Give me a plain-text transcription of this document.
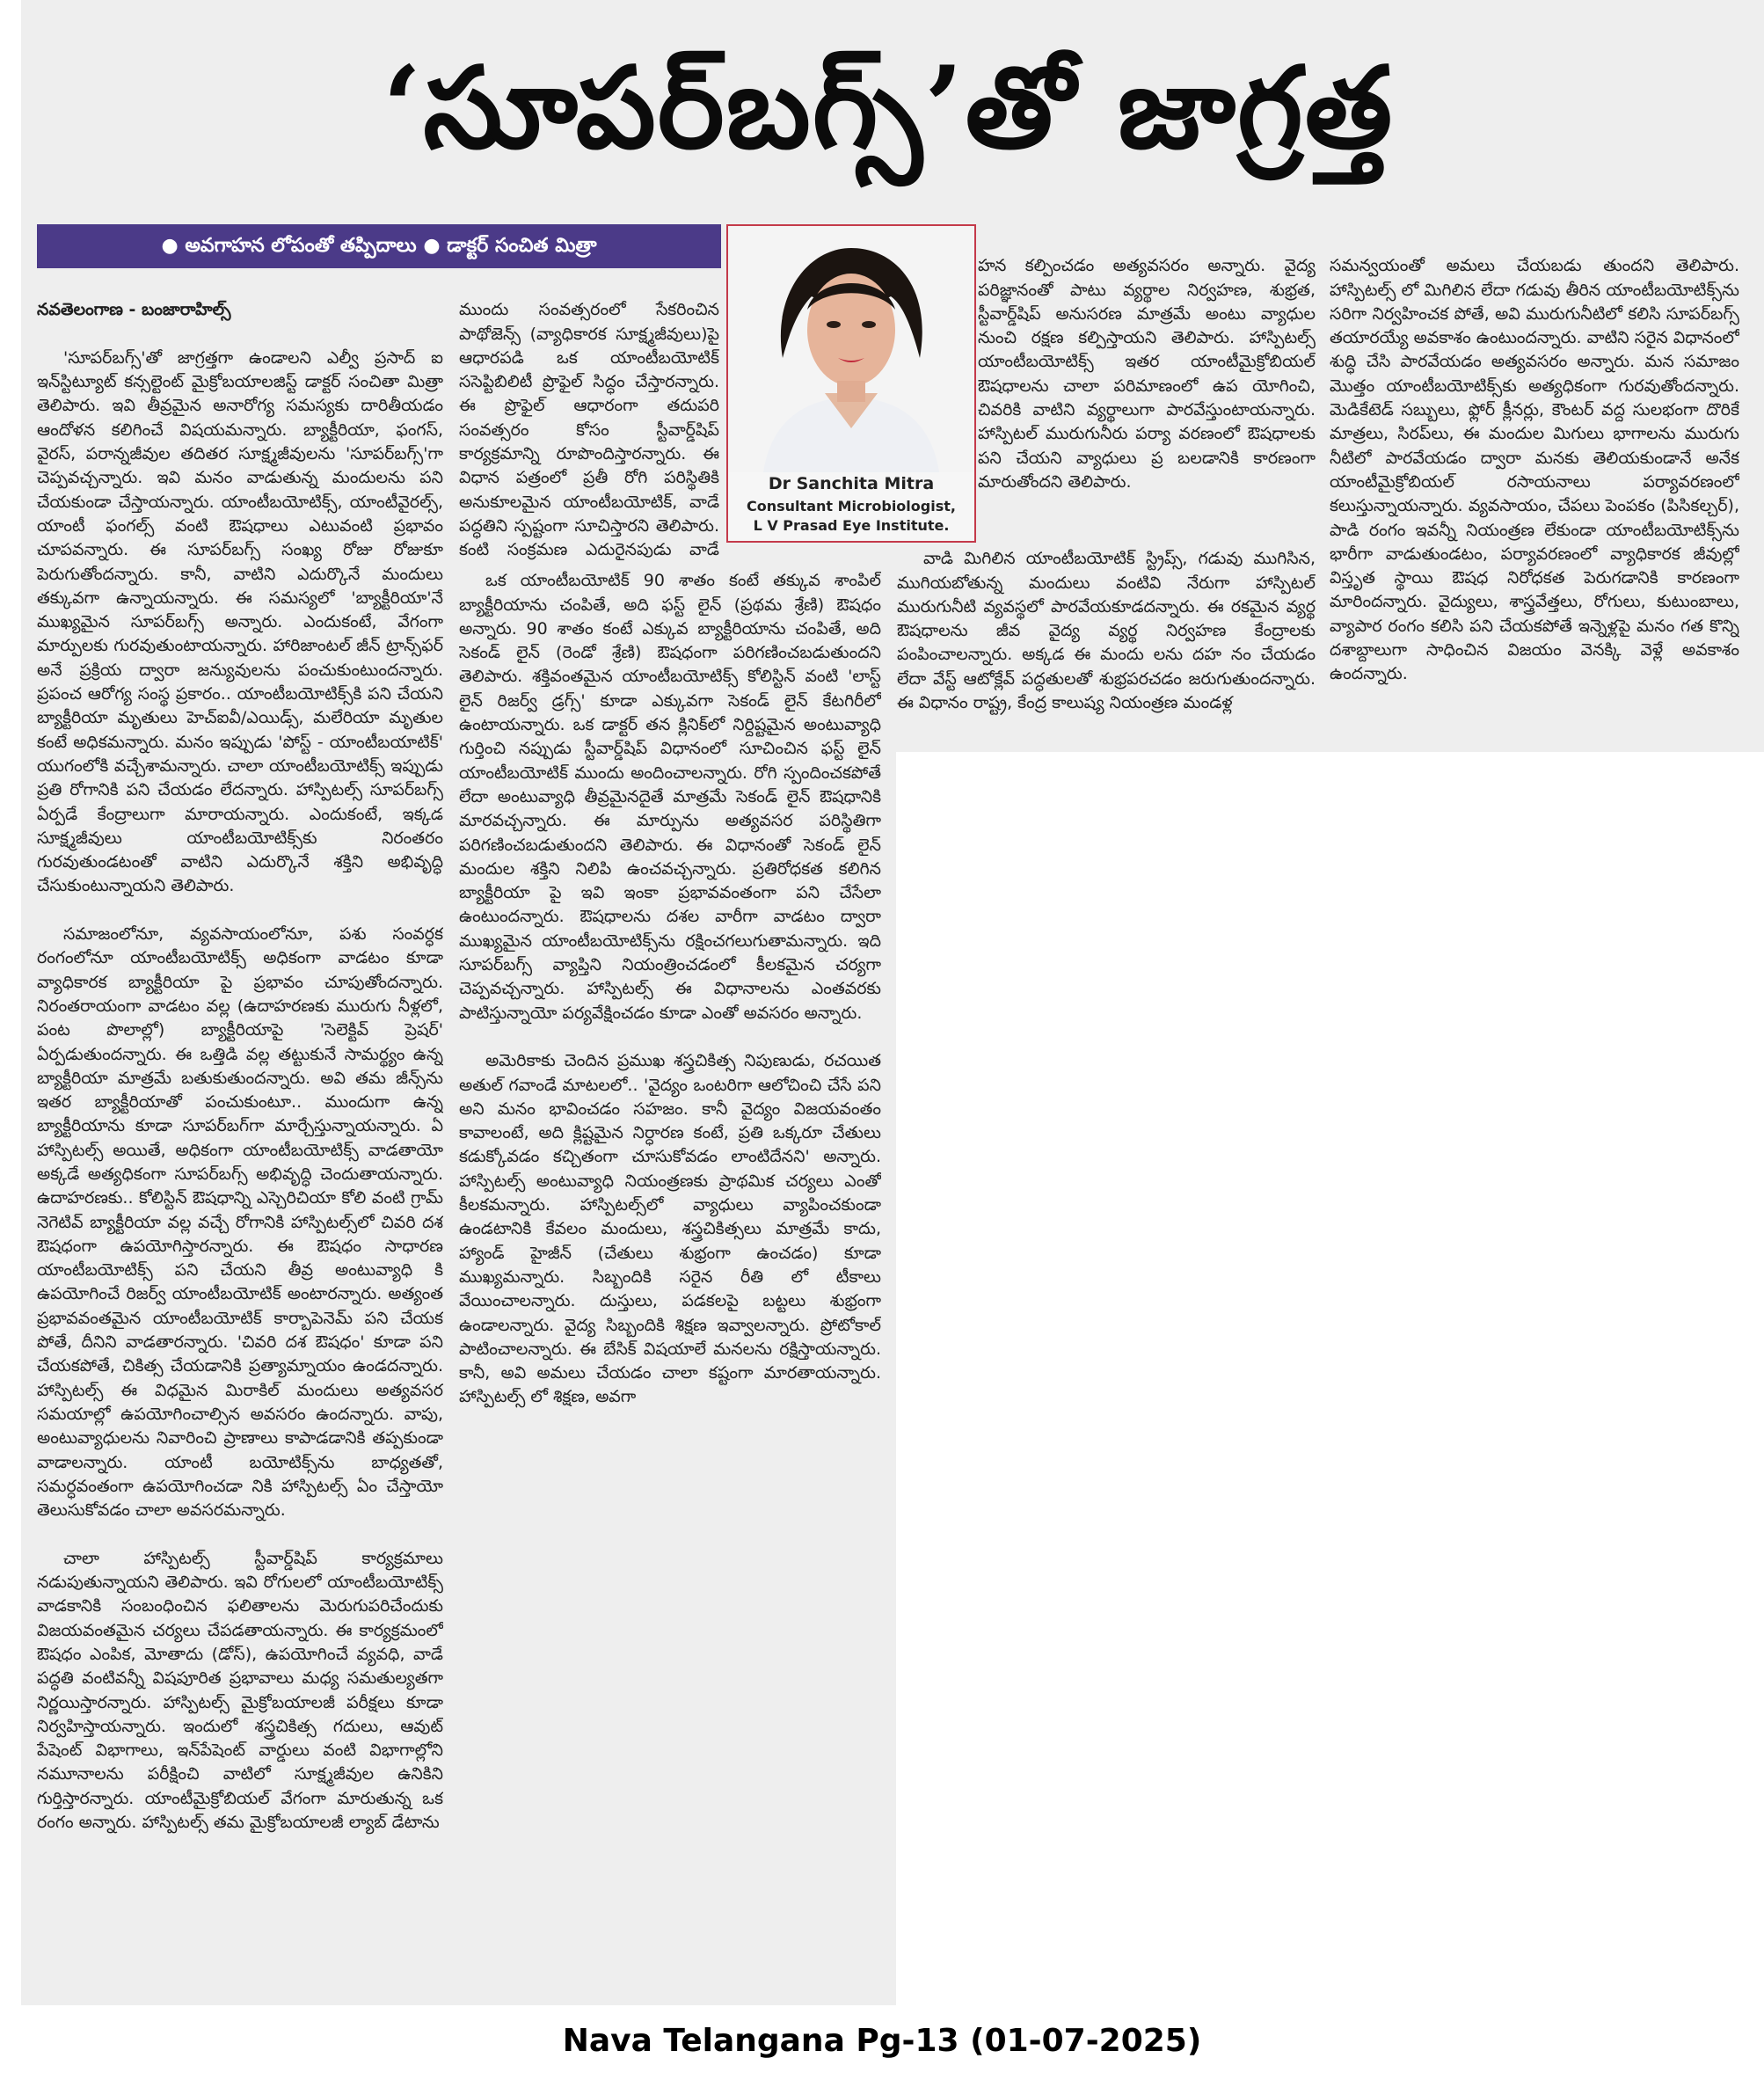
‘సూపర్‌బగ్స్’తో జాగ్రత్త
● అవగాహన లోపంతో తప్పిదాలు ● డాక్టర్ సంచిత మిత్రా
Dr Sanchita Mitra
Consultant Microbiologist,
L V Prasad Eye Institute.

నవతెలంగాణ - బంజారాహిల్స్

'సూపర్‌బగ్స్'తో జాగ్రత్తగా ఉండాలని ఎల్వీ ప్రసాద్ ఐ ఇన్‌స్టిట్యూట్ కన్సల్టెంట్ మైక్రోబయాలజిస్ట్ డాక్టర్ సంచితా మిత్రా తెలిపారు. ఇవి తీవ్రమైన అనారోగ్య సమస్యకు దారితీయడం ఆందోళన కలిగించే విషయమన్నారు. బ్యాక్టీరియా, ఫంగస్, వైరస్, పరాన్నజీవుల తదితర సూక్ష్మజీవులను 'సూపర్‌బగ్స్'గా చెప్పవచ్చన్నారు. ఇవి మనం వాడుతున్న మందులను పని చేయకుండా చేస్తాయన్నారు. యాంటీబయోటిక్స్, యాంటీవైరల్స్, యాంటీ ఫంగల్స్ వంటి ఔషధాలు ఎటువంటి ప్రభావం చూపవన్నారు. ఈ సూపర్‌బగ్స్ సంఖ్య రోజు రోజుకూ పెరుగుతోందన్నారు. కానీ, వాటిని ఎదుర్కొనే మందులు తక్కువగా ఉన్నాయన్నారు. ఈ సమస్యలో 'బ్యాక్టీరియా'నే ముఖ్యమైన సూపర్‌బగ్స్ అన్నారు. ఎందుకంటే, వేగంగా మార్పులకు గురవుతుంటాయన్నారు. హారిజాంటల్ జీన్ ట్రాన్స్‌ఫర్ అనే ప్రక్రియ ద్వారా జన్యువులను పంచుకుంటుందన్నారు. ప్రపంచ ఆరోగ్య సంస్థ ప్రకారం.. యాంటీబయోటిక్స్‌కి పని చేయని బ్యాక్టీరియా మృతులు హెచ్‌ఐవీ/ఎయిడ్స్, మలేరియా మృతుల కంటే అధికమన్నారు. మనం ఇప్పుడు 'పోస్ట్ - యాంటీబయాటిక్' యుగంలోకి వచ్చేశామన్నారు. చాలా యాంటీబయోటిక్స్ ఇప్పుడు ప్రతి రోగానికి పని చేయడం లేదన్నారు. హాస్పిటల్స్ సూపర్‌బగ్స్ ఏర్పడే కేంద్రాలుగా మారాయన్నారు. ఎందుకంటే, ఇక్కడ సూక్ష్మజీవులు యాంటీబయోటిక్స్‌కు నిరంతరం గురవుతుండటంతో వాటిని ఎదుర్కొనే శక్తిని అభివృద్ధి చేసుకుంటున్నాయని తెలిపారు.

సమాజంలోనూ, వ్యవసాయంలోనూ, పశు సంవర్ధక రంగంలోనూ యాంటీబయోటిక్స్ అధికంగా వాడటం కూడా వ్యాధికారక బ్యాక్టీరియా పై ప్రభావం చూపుతోందన్నారు. నిరంతరాయంగా వాడటం వల్ల (ఉదాహరణకు మురుగు నీళ్లలో, పంట పొలాల్లో) బ్యాక్టీరియాపై 'సెలెక్టివ్ ప్రెషర్' ఏర్పడుతుందన్నారు. ఈ ఒత్తిడి వల్ల తట్టుకునే సామర్థ్యం ఉన్న బ్యాక్టీరియా మాత్రమే బతుకుతుందన్నారు. అవి తమ జీన్స్‌ను ఇతర బ్యాక్టీరియాతో పంచుకుంటూ.. ముందుగా ఉన్న బ్యాక్టీరియాను కూడా సూపర్‌బగ్‌గా మార్చేస్తున్నాయన్నారు. ఏ హాస్పిటల్స్ అయితే, అధికంగా యాంటీబయోటిక్స్ వాడతాయో అక్కడే అత్యధికంగా సూపర్‌బగ్స్ అభివృద్ధి చెందుతాయన్నారు. ఉదాహరణకు.. కోలిస్టిన్ ఔషధాన్ని ఎస్చెరిచియా కోలి వంటి గ్రామ్ నెగెటివ్ బ్యాక్టీరియా వల్ల వచ్చే రోగానికి హాస్పిటల్స్‌లో చివరి దశ ఔషధంగా ఉపయోగిస్తారన్నారు. ఈ ఔషధం సాధారణ యాంటీబయోటిక్స్ పని చేయని తీవ్ర అంటువ్యాధి కి ఉపయోగించే రిజర్వ్ యాంటీబయోటిక్ అంటారన్నారు. అత్యంత ప్రభావవంతమైన యాంటీబయోటిక్ కార్బాపెనెమ్ పని చేయక పోతే, దీనిని వాడతారన్నారు. 'చివరి దశ ఔషధం' కూడా పని చేయకపోతే, చికిత్స చేయడానికి ప్రత్యామ్నాయం ఉండదన్నారు. హాస్పిటల్స్ ఈ విధమైన మిరాకిల్ మందులు అత్యవసర సమయాల్లో ఉపయోగించాల్సిన అవసరం ఉందన్నారు. వాపు, అంటువ్యాధులను నివారించి ప్రాణాలు కాపాడడానికి తప్పకుండా వాడాలన్నారు. యాంటీ బయోటిక్స్‌ను బాధ్యతతో, సమర్ధవంతంగా ఉపయోగించడా నికి హాస్పిటల్స్ ఏం చేస్తాయో తెలుసుకోవడం చాలా అవసరమన్నారు.

చాలా హాస్పిటల్స్ స్టీవార్డ్‌షిప్ కార్యక్రమాలు నడుపుతున్నాయని తెలిపారు. ఇవి రోగులలో యాంటీబయోటిక్స్ వాడకానికి సంబంధించిన ఫలితాలను మెరుగుపరిచేందుకు విజయవంతమైన చర్యలు చేపడతాయన్నారు. ఈ కార్యక్రమంలో ఔషధం ఎంపిక, మోతాదు (డోస్), ఉపయోగించే వ్యవధి, వాడే పద్ధతి వంటివన్నీ విషపూరిత ప్రభావాలు మధ్య సమతుల్యతగా నిర్ణయిస్తారన్నారు. హాస్పిటల్స్ మైక్రోబయాలజీ పరీక్షలు కూడా నిర్వహిస్తాయన్నారు. ఇందులో శస్త్రచికిత్స గదులు, ఆవుట్ పేషెంట్ విభాగాలు, ఇన్‌పేషెంట్ వార్డులు వంటి విభాగాల్లోని నమూనాలను పరీక్షించి వాటిలో సూక్ష్మజీవుల ఉనికిని గుర్తిస్తారన్నారు. యాంటీమైక్రోబియల్ వేగంగా మారుతున్న ఒక రంగం అన్నారు. హాస్పిటల్స్ తమ మైక్రోబయాలజీ ల్యాబ్ డేటాను

ముందు సంవత్సరంలో సేకరించిన పాథోజెన్స్ (వ్యాధికారక సూక్ష్మజీవులు)పై ఆధారపడి ఒక యాంటీబయోటిక్ ససెప్టిబిలిటీ ప్రొఫైల్ సిద్ధం చేస్తారన్నారు. ఈ ప్రొఫైల్ ఆధారంగా తదుపరి సంవత్సరం కోసం స్టీవార్డ్‌షిప్ కార్యక్రమాన్ని రూపొందిస్తారన్నారు. ఈ విధాన పత్రంలో ప్రతీ రోగి పరిస్థితికి అనుకూలమైన యాంటీబయోటిక్, వాడే పద్ధతిని స్పష్టంగా సూచిస్తారని తెలిపారు. కంటి సంక్రమణ ఎదురైనపుడు వాడే

ఒక యాంటీబయోటిక్ 90 శాతం కంటే తక్కువ శాంపిల్ బ్యాక్టీరియాను చంపితే, అది ఫస్ట్ లైన్ (ప్రథమ శ్రేణి) ఔషధం అన్నారు. 90 శాతం కంటే ఎక్కువ బ్యాక్టీరియాను చంపితే, అది సెకండ్ లైన్ (రెండో శ్రేణి) ఔషధంగా పరిగణించబడుతుందని తెలిపారు. శక్తివంతమైన యాంటీబయోటిక్స్ కోలిస్టిన్ వంటి 'లాస్ట్ లైన్ రిజర్వ్ డ్రగ్స్' కూడా ఎక్కువగా సెకండ్ లైన్ కేటగిరీలో ఉంటాయన్నారు. ఒక డాక్టర్ తన క్లినిక్‌లో నిర్దిష్టమైన అంటువ్యాధి గుర్తించి నప్పుడు స్టీవార్డ్‌షిప్ విధానంలో సూచించిన ఫస్ట్ లైన్ యాంటీబయోటిక్ ముందు అందించాలన్నారు. రోగి స్పందించకపోతే లేదా అంటువ్యాధి తీవ్రమైనదైతే మాత్రమే సెకండ్ లైన్ ఔషధానికి మారవచ్చన్నారు. ఈ మార్పును అత్యవసర పరిస్థితిగా పరిగణించబడుతుందని తెలిపారు. ఈ విధానంతో సెకండ్ లైన్ మందుల శక్తిని నిలిపి ఉంచవచ్చన్నారు. ప్రతిరోధకత కలిగిన బ్యాక్టీరియా పై ఇవి ఇంకా ప్రభావవంతంగా పని చేసేలా ఉంటుందన్నారు. ఔషధాలను దశల వారీగా వాడటం ద్వారా ముఖ్యమైన యాంటీబయోటిక్స్‌ను రక్షించగలుగుతామన్నారు. ఇది సూపర్‌బగ్స్ వ్యాప్తిని నియంత్రించడంలో కీలకమైన చర్యగా చెప్పవచ్చన్నారు. హాస్పిటల్స్ ఈ విధానాలను ఎంతవరకు పాటిస్తున్నాయో పర్యవేక్షించడం కూడా ఎంతో అవసరం అన్నారు.

అమెరికాకు చెందిన ప్రముఖ శస్త్రచికిత్స నిపుణుడు, రచయిత అతుల్ గవాండే మాటలలో.. 'వైద్యం ఒంటరిగా ఆలోచించి చేసే పని అని మనం భావించడం సహజం. కానీ వైద్యం విజయవంతం కావాలంటే, అది క్లిష్టమైన నిర్ధారణ కంటే, ప్రతి ఒక్కరూ చేతులు కడుక్కోవడం కచ్చితంగా చూసుకోవడం లాంటిదేనని' అన్నారు. హాస్పిటల్స్ అంటువ్యాధి నియంత్రణకు ప్రాథమిక చర్యలు ఎంతో కీలకమన్నారు. హాస్పిటల్స్‌లో వ్యాధులు వ్యాపించకుండా ఉండటానికి కేవలం మందులు, శస్త్రచికిత్సలు మాత్రమే కాదు, హ్యాండ్ హైజీన్ (చేతులు శుభ్రంగా ఉంచడం) కూడా ముఖ్యమన్నారు. సిబ్బందికి సరైన రీతి లో టీకాలు వేయించాలన్నారు. దుస్తులు, పడకలపై బట్టలు శుభ్రంగా ఉండాలన్నారు. వైద్య సిబ్బందికి శిక్షణ ఇవ్వాలన్నారు. ప్రోటోకాల్ పాటించాలన్నారు. ఈ బేసిక్ విషయాలే మనలను రక్షిస్తాయన్నారు. కానీ, అవి అమలు చేయడం చాలా కష్టంగా మారతాయన్నారు. హాస్పిటల్స్ లో శిక్షణ, అవగా

హన కల్పించడం అత్యవసరం అన్నారు. వైద్య పరిజ్ఞానంతో పాటు వ్యర్థాల నిర్వహణ, శుభ్రత, స్టీవార్డ్‌షిప్ అనుసరణ మాత్రమే అంటు వ్యాధుల నుంచి రక్షణ కల్పిస్తాయని తెలిపారు. హాస్పిటల్స్ యాంటీబయోటిక్స్ ఇతర యాంటీమైక్రోబియల్ ఔషధాలను చాలా పరిమాణంలో ఉప యోగించి, చివరికి వాటిని వ్యర్థాలుగా పారవేస్తుంటాయన్నారు. హాస్పిటల్ మురుగునీరు పర్యా వరణంలో ఔషధాలకు పని చేయని వ్యాధులు ప్ర బలడానికి కారణంగా మారుతోందని తెలిపారు.

వాడి మిగిలిన యాంటీబయోటిక్ స్ట్రిప్స్, గడువు ముగిసిన, ముగియబోతున్న మందులు వంటివి నేరుగా హాస్పిటల్ మురుగునీటి వ్యవస్థలో పారవేయకూడదన్నారు. ఈ రకమైన వ్యర్థ ఔషధాలను జీవ వైద్య వ్యర్థ నిర్వహణ కేంద్రాలకు పంపించాలన్నారు. అక్కడ ఈ మందు లను దహ నం చేయడం లేదా వేస్ట్ ఆటోక్లేవ్ పద్ధతులతో శుభ్రపరచడం జరుగుతుందన్నారు. ఈ విధానం రాష్ట్ర, కేంద్ర కాలుష్య నియంత్రణ మండళ్ల

సమన్వయంతో అమలు చేయబడు తుందని తెలిపారు. హాస్పిటల్స్ లో మిగిలిన లేదా గడువు తీరిన యాంటీబయోటిక్స్‌ను సరిగా నిర్వహించక పోతే, అవి మురుగునీటిలో కలిసి సూపర్‌బగ్స్ తయారయ్యే అవకాశం ఉంటుందన్నారు. వాటిని సరైన విధానంలో శుద్ధి చేసి పారవేయడం అత్యవసరం అన్నారు. మన సమాజం మొత్తం యాంటీబయోటిక్స్‌కు అత్యధికంగా గురవుతోందన్నారు. మెడికేటెడ్ సబ్బులు, ఫ్లోర్ క్లీనర్లు, కౌంటర్ వద్ద సులభంగా దొరికే మాత్రలు, సిరప్‌లు, ఈ మందుల మిగులు భాగాలను మురుగు నీటిలో పారవేయడం ద్వారా మనకు తెలియకుండానే అనేక యాంటీమైక్రోబియల్ రసాయనాలు పర్యావరణంలో కలుస్తున్నాయన్నారు. వ్యవసాయం, చేపలు పెంపకం (పిసికల్చర్), పాడి రంగం ఇవన్నీ నియంత్రణ లేకుండా యాంటీబయోటిక్స్‌ను భారీగా వాడుతుండటం, పర్యావరణంలో వ్యాధికారక జీవుల్లో విస్తృత స్థాయి ఔషధ నిరోధకత పెరుగడానికి కారణంగా మారిందన్నారు. వైద్యులు, శాస్త్రవేత్తలు, రోగులు, కుటుంబాలు, వ్యాపార రంగం కలిసి పని చేయకపోతే ఇన్నెళ్లపై మనం గత కొన్ని దశాబ్దాలుగా సాధించిన విజయం వెనక్కి వెళ్లే అవకాశం ఉందన్నారు.

Nava Telangana Pg-13 (01-07-2025)
